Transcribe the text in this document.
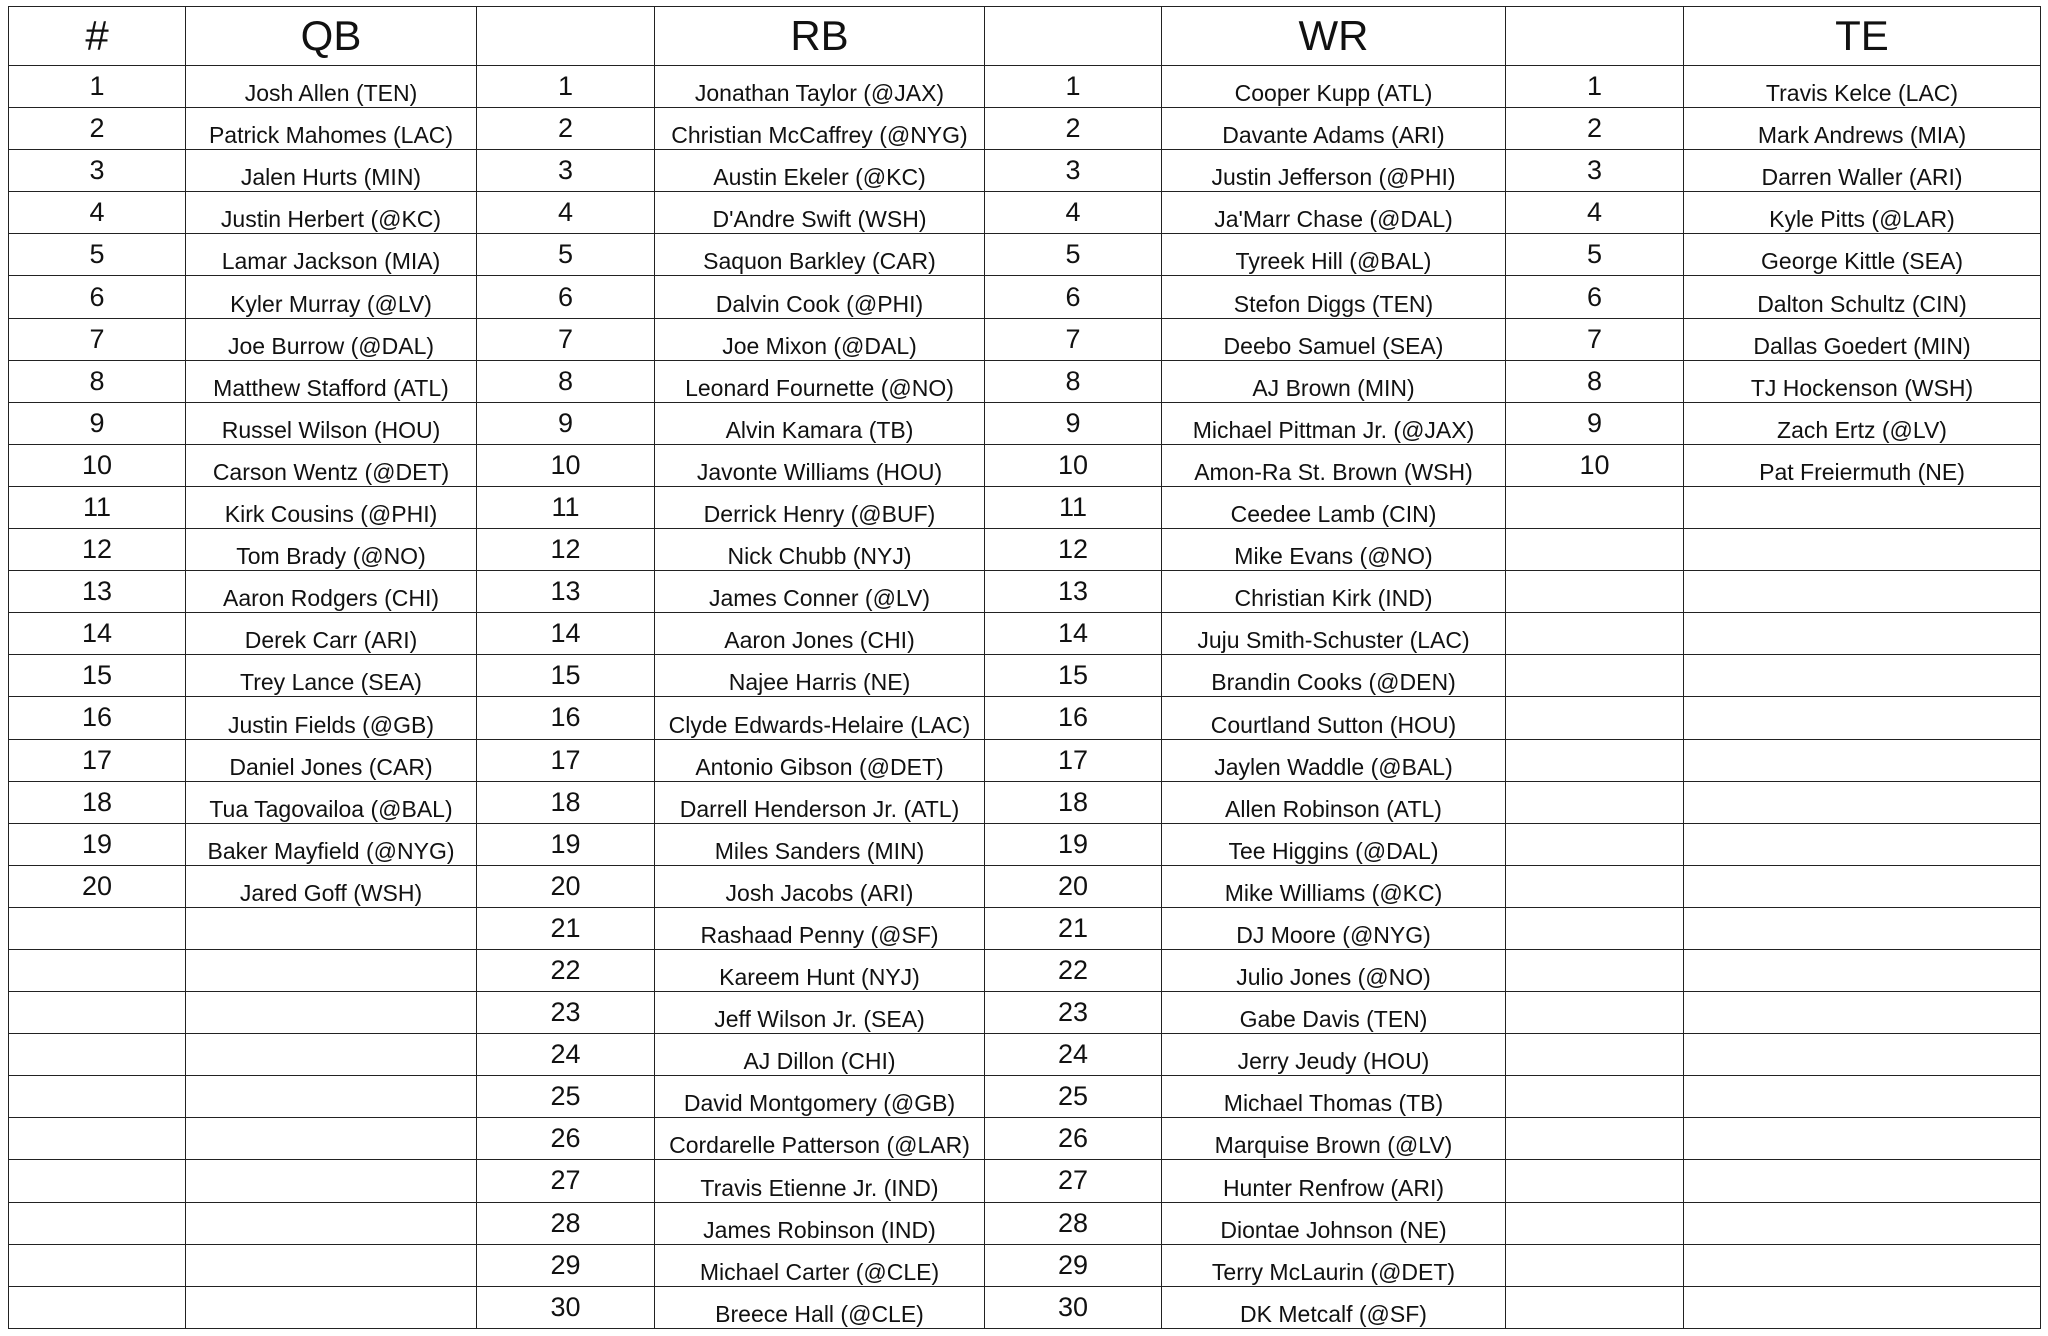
#	QB		RB		WR		TE
1	Josh Allen (TEN)	1	Jonathan Taylor (@JAX)	1	Cooper Kupp (ATL)	1	Travis Kelce (LAC)
2	Patrick Mahomes (LAC)	2	Christian McCaffrey (@NYG)	2	Davante Adams (ARI)	2	Mark Andrews (MIA)
3	Jalen Hurts (MIN)	3	Austin Ekeler (@KC)	3	Justin Jefferson (@PHI)	3	Darren Waller (ARI)
4	Justin Herbert (@KC)	4	D'Andre Swift (WSH)	4	Ja'Marr Chase (@DAL)	4	Kyle Pitts (@LAR)
5	Lamar Jackson (MIA)	5	Saquon Barkley (CAR)	5	Tyreek Hill (@BAL)	5	George Kittle (SEA)
6	Kyler Murray (@LV)	6	Dalvin Cook (@PHI)	6	Stefon Diggs (TEN)	6	Dalton Schultz (CIN)
7	Joe Burrow (@DAL)	7	Joe Mixon (@DAL)	7	Deebo Samuel (SEA)	7	Dallas Goedert (MIN)
8	Matthew Stafford (ATL)	8	Leonard Fournette (@NO)	8	AJ Brown (MIN)	8	TJ Hockenson (WSH)
9	Russel Wilson (HOU)	9	Alvin Kamara (TB)	9	Michael Pittman Jr. (@JAX)	9	Zach Ertz (@LV)
10	Carson Wentz (@DET)	10	Javonte Williams (HOU)	10	Amon-Ra St. Brown (WSH)	10	Pat Freiermuth (NE)
11	Kirk Cousins (@PHI)	11	Derrick Henry (@BUF)	11	Ceedee Lamb (CIN)		
12	Tom Brady (@NO)	12	Nick Chubb (NYJ)	12	Mike Evans (@NO)		
13	Aaron Rodgers (CHI)	13	James Conner (@LV)	13	Christian Kirk (IND)		
14	Derek Carr (ARI)	14	Aaron Jones (CHI)	14	Juju Smith-Schuster (LAC)		
15	Trey Lance (SEA)	15	Najee Harris (NE)	15	Brandin Cooks (@DEN)		
16	Justin Fields (@GB)	16	Clyde Edwards-Helaire (LAC)	16	Courtland Sutton (HOU)		
17	Daniel Jones (CAR)	17	Antonio Gibson (@DET)	17	Jaylen Waddle (@BAL)		
18	Tua Tagovailoa (@BAL)	18	Darrell Henderson Jr. (ATL)	18	Allen Robinson (ATL)		
19	Baker Mayfield (@NYG)	19	Miles Sanders (MIN)	19	Tee Higgins (@DAL)		
20	Jared Goff (WSH)	20	Josh Jacobs (ARI)	20	Mike Williams (@KC)		
		21	Rashaad Penny (@SF)	21	DJ Moore (@NYG)		
		22	Kareem Hunt (NYJ)	22	Julio Jones (@NO)		
		23	Jeff Wilson Jr. (SEA)	23	Gabe Davis (TEN)		
		24	AJ Dillon (CHI)	24	Jerry Jeudy (HOU)		
		25	David Montgomery (@GB)	25	Michael Thomas (TB)		
		26	Cordarelle Patterson (@LAR)	26	Marquise Brown (@LV)		
		27	Travis Etienne Jr. (IND)	27	Hunter Renfrow (ARI)		
		28	James Robinson (IND)	28	Diontae Johnson (NE)		
		29	Michael Carter (@CLE)	29	Terry McLaurin (@DET)		
		30	Breece Hall (@CLE)	30	DK Metcalf (@SF)		
